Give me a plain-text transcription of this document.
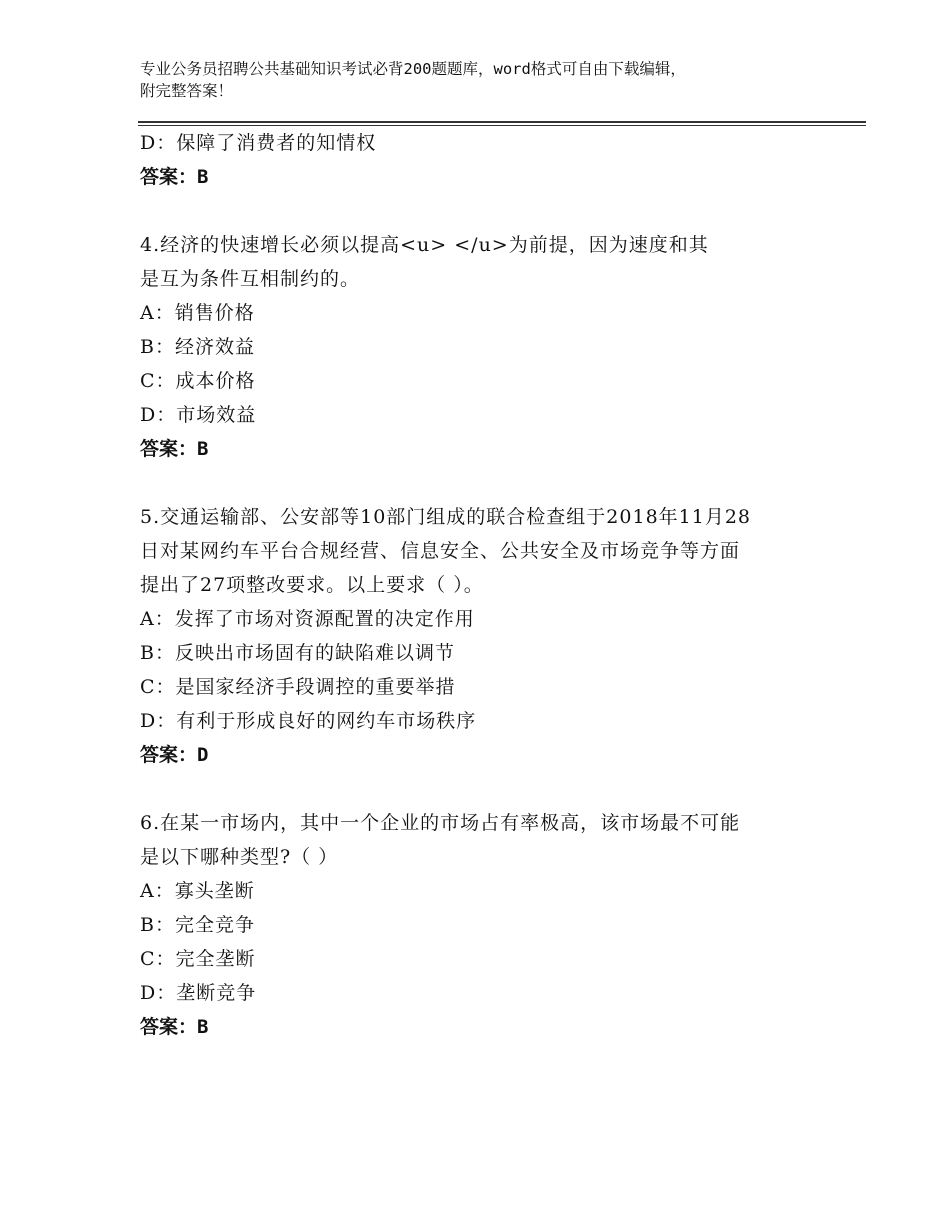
专业公务员招聘公共基础知识考试必背200题题库，word格式可自由下载编辑，
附完整答案！
D：保障了消费者的知情权
答案：B
4.经济的快速增长必须以提高<u> </u>为前提，因为速度和其
是互为条件互相制约的。
A：销售价格
B：经济效益
C：成本价格
D：市场效益
答案：B
5.交通运输部、公安部等10部门组成的联合检查组于2018年11月28
日对某网约车平台合规经营、信息安全、公共安全及市场竞争等方面
提出了27项整改要求。以上要求（ ）。
A：发挥了市场对资源配置的决定作用
B：反映出市场固有的缺陷难以调节
C：是国家经济手段调控的重要举措
D：有利于形成良好的网约车市场秩序
答案：D
6.在某一市场内，其中一个企业的市场占有率极高，该市场最不可能
是以下哪种类型?（ ）
A：寡头垄断
B：完全竞争
C：完全垄断
D：垄断竞争
答案：B
